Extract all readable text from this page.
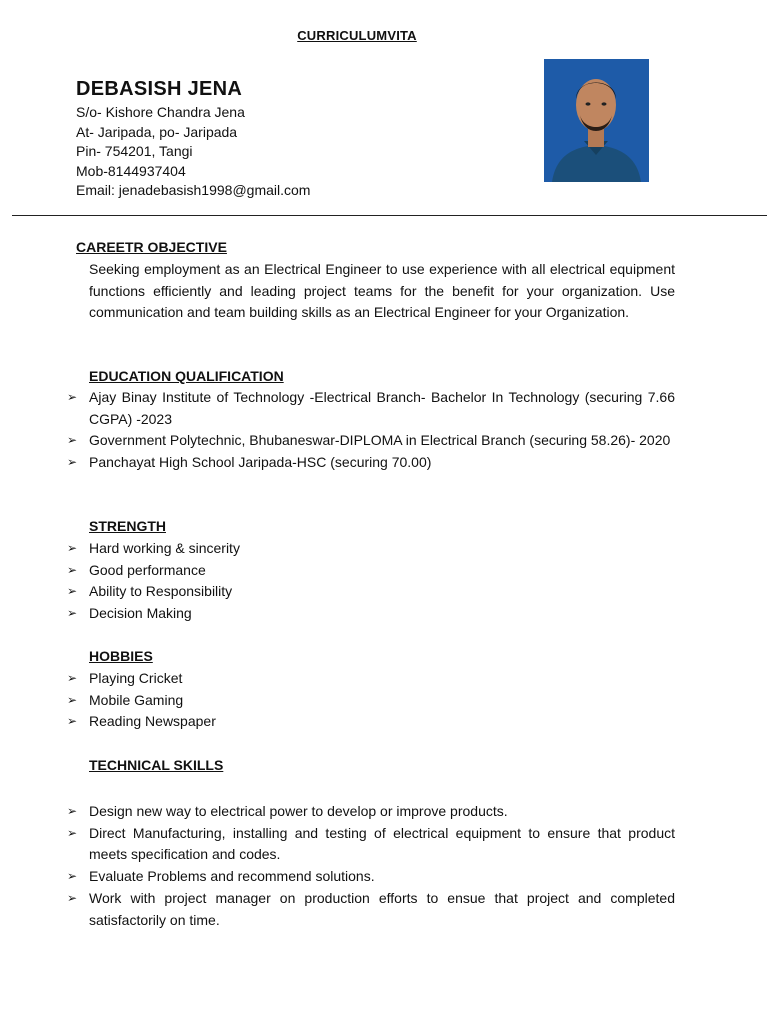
CURRICULUMVITA
DEBASISH JENA
S/o- Kishore Chandra Jena
At- Jaripada, po- Jaripada
Pin- 754201, Tangi
Mob-8144937404
Email: jenadebasish1998@gmail.com
CAREETR OBJECTIVE
Seeking employment as an Electrical Engineer to use experience with all electrical equipment functions efficiently and leading project teams for the benefit for your organization. Use communication and team building skills as an Electrical Engineer for your Organization.
EDUCATION QUALIFICATION
➢ Ajay Binay Institute of Technology -Electrical Branch- Bachelor In Technology (securing 7.66 CGPA) -2023
➢ Government Polytechnic, Bhubaneswar-DIPLOMA in Electrical Branch (securing 58.26)- 2020
➢ Panchayat High School Jaripada-HSC (securing 70.00)
STRENGTH
➢ Hard working & sincerity
➢ Good performance
➢ Ability to Responsibility
➢ Decision Making
HOBBIES
➢ Playing Cricket
➢ Mobile Gaming
➢ Reading Newspaper
TECHNICAL SKILLS
➢ Design new way to electrical power to develop or improve products.
➢ Direct Manufacturing, installing and testing of electrical equipment to ensure that product meets specification and codes.
➢ Evaluate Problems and recommend solutions.
➢ Work with project manager on production efforts to ensue that project and completed satisfactorily on time.
